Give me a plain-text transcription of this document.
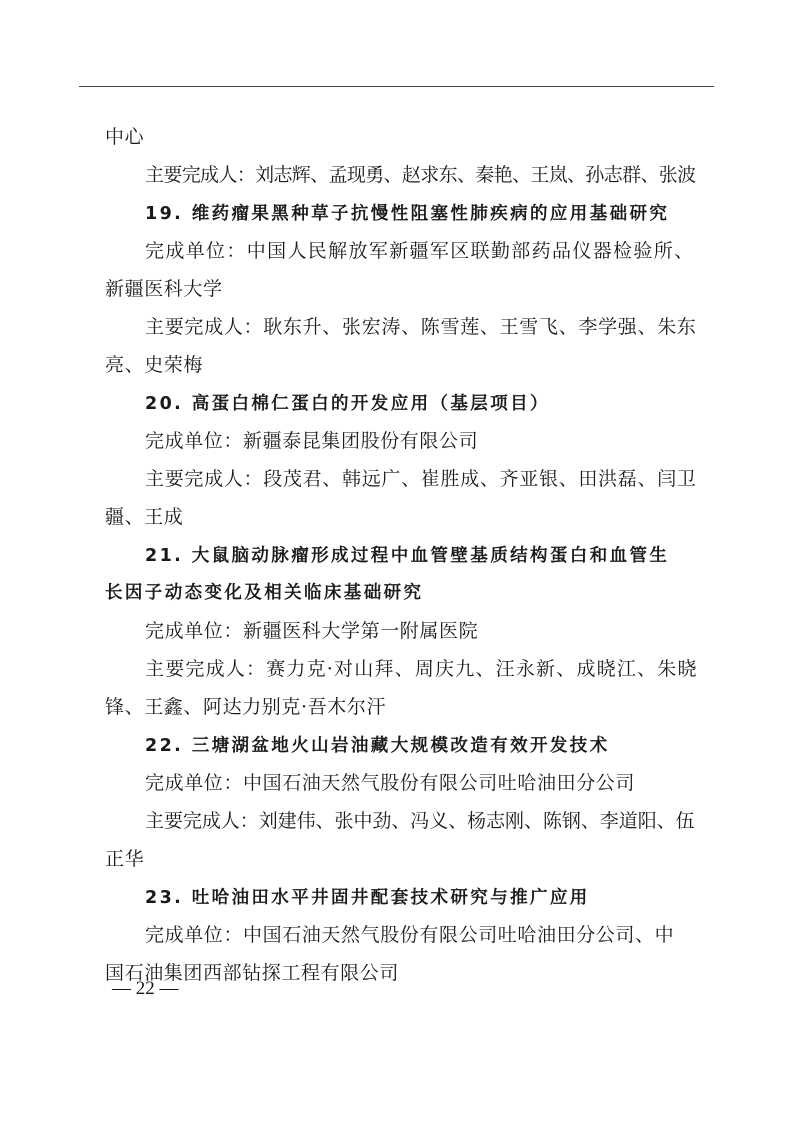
中心
主要完成人：刘志辉、孟现勇、赵求东、秦艳、王岚、孙志群、张波
19. 维药瘤果黑种草子抗慢性阻塞性肺疾病的应用基础研究
完成单位：中国人民解放军新疆军区联勤部药品仪器检验所、
新疆医科大学
主要完成人：耿东升、张宏涛、陈雪莲、王雪飞、李学强、朱东
亮、史荣梅
20. 高蛋白棉仁蛋白的开发应用（基层项目）
完成单位：新疆泰昆集团股份有限公司
主要完成人：段茂君、韩远广、崔胜成、齐亚银、田洪磊、闫卫
疆、王成
21. 大鼠脑动脉瘤形成过程中血管壁基质结构蛋白和血管生
长因子动态变化及相关临床基础研究
完成单位：新疆医科大学第一附属医院
主要完成人：赛力克·对山拜、周庆九、汪永新、成晓江、朱晓
锋、王鑫、阿达力别克·吾木尔汗
22. 三塘湖盆地火山岩油藏大规模改造有效开发技术
完成单位：中国石油天然气股份有限公司吐哈油田分公司
主要完成人：刘建伟、张中劲、冯义、杨志刚、陈钢、李道阳、伍
正华
23. 吐哈油田水平井固井配套技术研究与推广应用
完成单位：中国石油天然气股份有限公司吐哈油田分公司、中
国石油集团西部钻探工程有限公司
— 22 —
